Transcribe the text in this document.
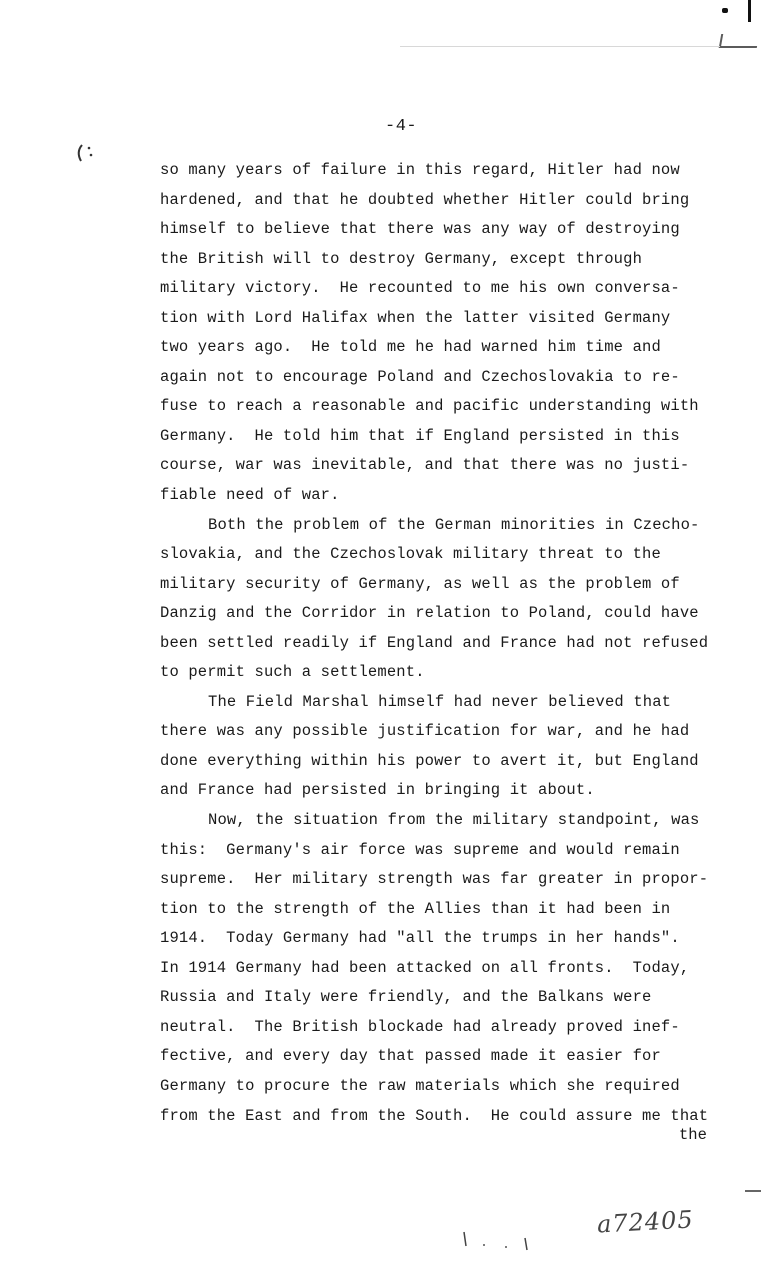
-4-
so many years of failure in this regard, Hitler had now
hardened, and that he doubted whether Hitler could bring
himself to believe that there was any way of destroying
the British will to destroy Germany, except through
military victory.  He recounted to me his own conversa-
tion with Lord Halifax when the latter visited Germany
two years ago.  He told me he had warned him time and
again not to encourage Poland and Czechoslovakia to re-
fuse to reach a reasonable and pacific understanding with
Germany.  He told him that if England persisted in this
course, war was inevitable, and that there was no justi-
fiable need of war.
Both the problem of the German minorities in Czecho-
slovakia, and the Czechoslovak military threat to the
military security of Germany, as well as the problem of
Danzig and the Corridor in relation to Poland, could have
been settled readily if England and France had not refused
to permit such a settlement.
The Field Marshal himself had never believed that
there was any possible justification for war, and he had
done everything within his power to avert it, but England
and France had persisted in bringing it about.
Now, the situation from the military standpoint, was
this:  Germany's air force was supreme and would remain
supreme.  Her military strength was far greater in propor-
tion to the strength of the Allies than it had been in
1914.  Today Germany had "all the trumps in her hands".
In 1914 Germany had been attacked on all fronts.  Today,
Russia and Italy were friendly, and the Balkans were
neutral.  The British blockade had already proved inef-
fective, and every day that passed made it easier for
Germany to procure the raw materials which she required
from the East and from the South.  He could assure me that
the
a72405
